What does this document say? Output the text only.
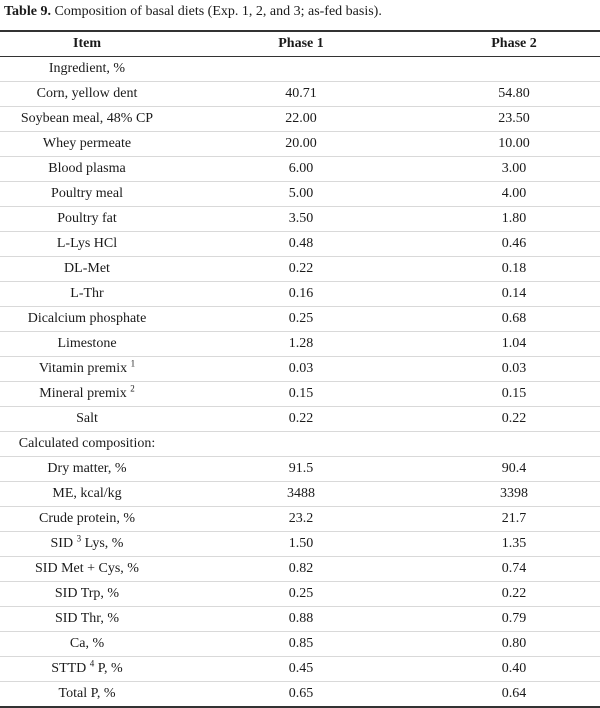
Table 9. Composition of basal diets (Exp. 1, 2, and 3; as-fed basis).
Item	Phase 1	Phase 2
Ingredient, %		
Corn, yellow dent	40.71	54.80
Soybean meal, 48% CP	22.00	23.50
Whey permeate	20.00	10.00
Blood plasma	6.00	3.00
Poultry meal	5.00	4.00
Poultry fat	3.50	1.80
L-Lys HCl	0.48	0.46
DL-Met	0.22	0.18
L-Thr	0.16	0.14
Dicalcium phosphate	0.25	0.68
Limestone	1.28	1.04
Vitamin premix $^1$	0.03	0.03
Mineral premix $^2$	0.15	0.15
Salt	0.22	0.22
Calculated composition:		
Dry matter, %	91.5	90.4
ME, kcal/kg	3488	3398
Crude protein, %	23.2	21.7
SID $^3$ Lys, %	1.50	1.35
SID Met + Cys, %	0.82	0.74
SID Trp, %	0.25	0.22
SID Thr, %	0.88	0.79
Ca, %	0.85	0.80
STTD $^4$ P, %	0.45	0.40
Total P, %	0.65	0.64
